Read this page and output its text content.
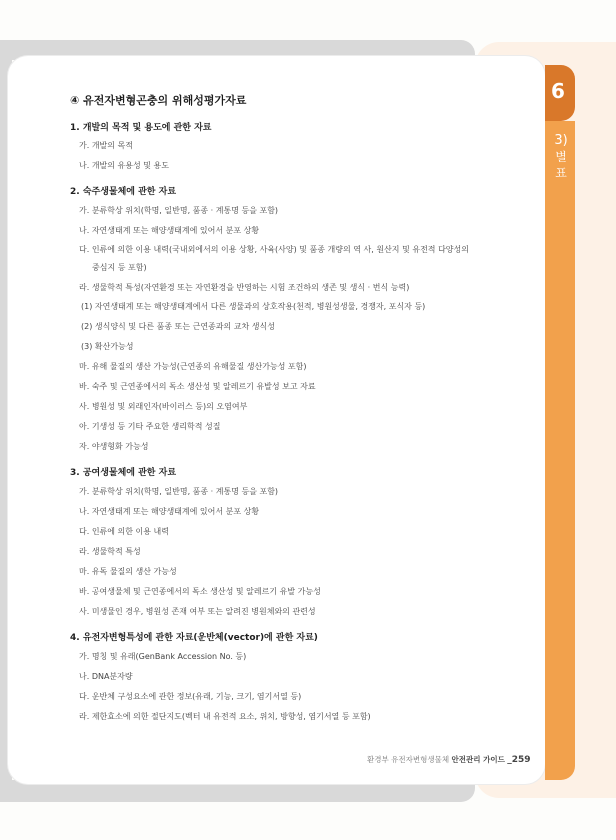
6
3)
별
표
④ 유전자변형곤충의 위해성평가자료
1. 개발의 목적 및 용도에 관한 자료
가. 개발의 목적
나. 개발의 유용성 및 용도
2. 숙주생물체에 관한 자료
가. 분류학상 위치(학명, 일반명, 품종 · 계통명 등을 포함)
나. 자연생태계 또는 해양생태계에 있어서 분포 상황
다. 인류에 의한 이용 내력(국내외에서의 이용 상황, 사육(사양) 및 품종 개량의 역 사, 원산지 및 유전적 다양성의
중심지 등 포함)
라. 생물학적 특성(자연환경 또는 자연환경을 반영하는 시험 조건하의 생존 및 생식 · 번식 능력)
(1) 자연생태계 또는 해양생태계에서 다른 생물과의 상호작용(천적, 병원성생물, 경쟁자, 포식자 등)
(2) 생식양식 및 다른 품종 또는 근연종과의 교차 생식성
(3) 확산가능성
마. 유해 물질의 생산 가능성(근연종의 유해물질 생산가능성 포함)
바. 숙주 및 근연종에서의 독소 생산성 및 알레르기 유발성 보고 자료
사. 병원성 및 외래인자(바이러스 등)의 오염여부
아. 기생성 등 기타 주요한 생리학적 성질
자. 야생형화 가능성
3. 공여생물체에 관한 자료
가. 분류학상 위치(학명, 일반명, 품종 · 계통명 등을 포함)
나. 자연생태계 또는 해양생태계에 있어서 분포 상황
다. 인류에 의한 이용 내력
라. 생물학적 특성
마. 유독 물질의 생산 가능성
바. 공여생물체 및 근연종에서의 독소 생산성 및 알레르기 유발 가능성
사. 미생물인 경우, 병원성 존재 여부 또는 알려진 병원체와의 관련성
4. 유전자변형특성에 관한 자료(운반체(vector)에 관한 자료)
가. 명칭 및 유래(GenBank Accession No. 등)
나. DNA분자량
다. 운반체 구성요소에 관한 정보(유래, 기능, 크기, 염기서열 등)
라. 제한효소에 의한 절단지도(벡터 내 유전적 요소, 위치, 방향성, 염기서열 등 포함)
환경부 유전자변형생물체 안전관리 가이드 _259
